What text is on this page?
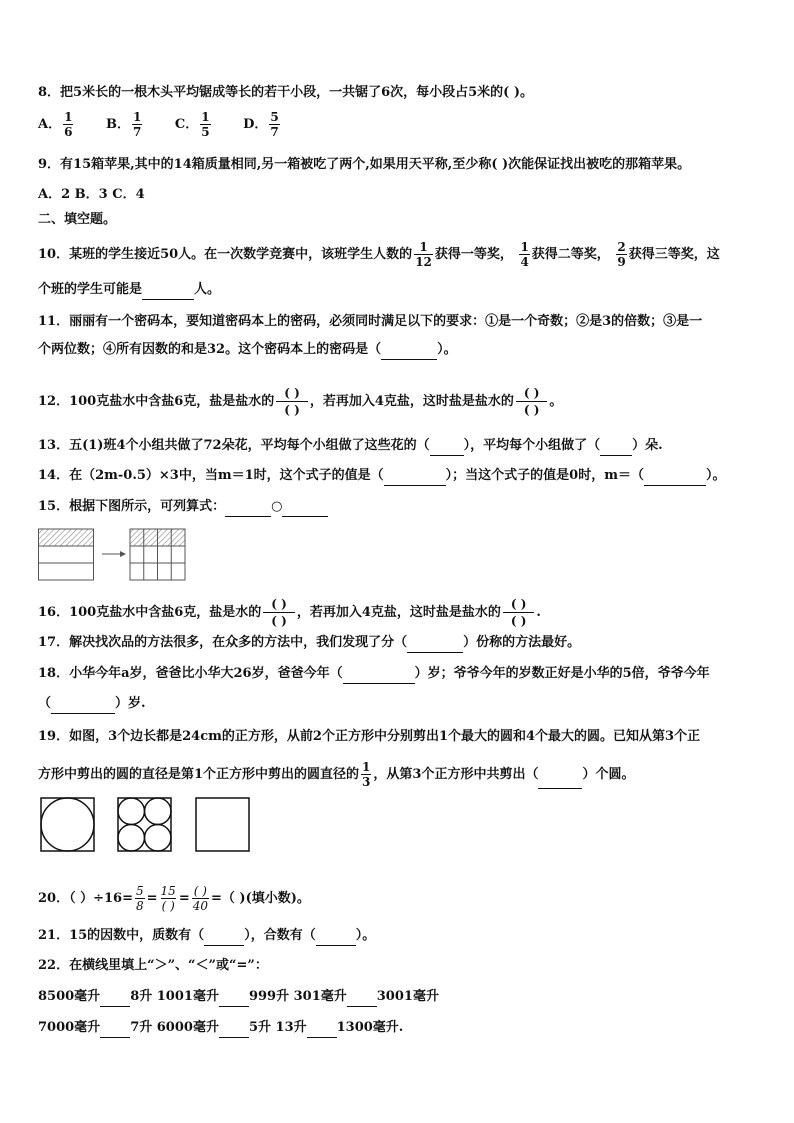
8．把5米长的一根木头平均锯成等长的若干小段，一共锯了6次，每小段占5米的( )。
A． $\frac{1}{6}$	B． $\frac{1}{7}$	C． $\frac{1}{5}$	D． $\frac{5}{7}$
9．有15箱苹果,其中的14箱质量相同,另一箱被吃了两个,如果用天平称,至少称( )次能保证找出被吃的那箱苹果。
A．2 B．3 C．4
二、填空题。
10．某班的学生接近50人。在一次数学竞赛中，该班学生人数的 $\frac{1}{12}$ 获得一等奖， $\frac{1}{4}$ 获得二等奖， $\frac{2}{9}$ 获得三等奖，这
个班的学生可能是	人。
11．丽丽有一个密码本，要知道密码本上的密码，必须同时满足以下的要求：①是一个奇数；②是3的倍数；③是一
个两位数；④所有因数的和是32。这个密码本上的密码是（	）。
12．100克盐水中含盐6克，盐是盐水的
( )
( )
，若再加入4克盐，这时盐是盐水的
( )
( )
。
13．五(1)班4个小组共做了72朵花，平均每个小组做了这些花的（	），平均每个小组做了（ ）朵.
14．在（2m-0.5）×3中，当m＝1时，这个式子的值是（	）；当这个式子的值是0时，m＝（	）。
15．根据下图所示，可列算式：	○
16．100克盐水中含盐6克，盐是水的
( )
( )
，若再加入4克盐，这时盐是盐水的
( )
( )
.
17．解决找次品的方法很多，在众多的方法中，我们发现了分（	）份称的方法最好。
18．小华今年a岁，爸爸比小华大26岁，爸爸今年（	）岁；爷爷今年的岁数正好是小华的5倍，爷爷今年
（	）岁.
19．如图，3个边长都是24cm的正方形，从前2个正方形中分别剪出1个最大的圆和4个最大的圆。已知从第3个正
方形中剪出的圆的直径是第1个正方形中剪出的圆直径的 $\frac{1}{3}$ ，从第3个正方形中共剪出（	）个圆。
20．（ ）$\div 16= \frac{5}{8} = \frac{15}{( )} = \frac{( )}{40}$ =（ )(填小数)。
21．15的因数中，质数有（	），合数有（	）。
22．在横线里填上“＞”、“＜”或“=”：
8500毫升 8升 1001毫升 999升 301毫升 3001毫升
7000毫升 7升 6000毫升 5升 13升 1300毫升.
